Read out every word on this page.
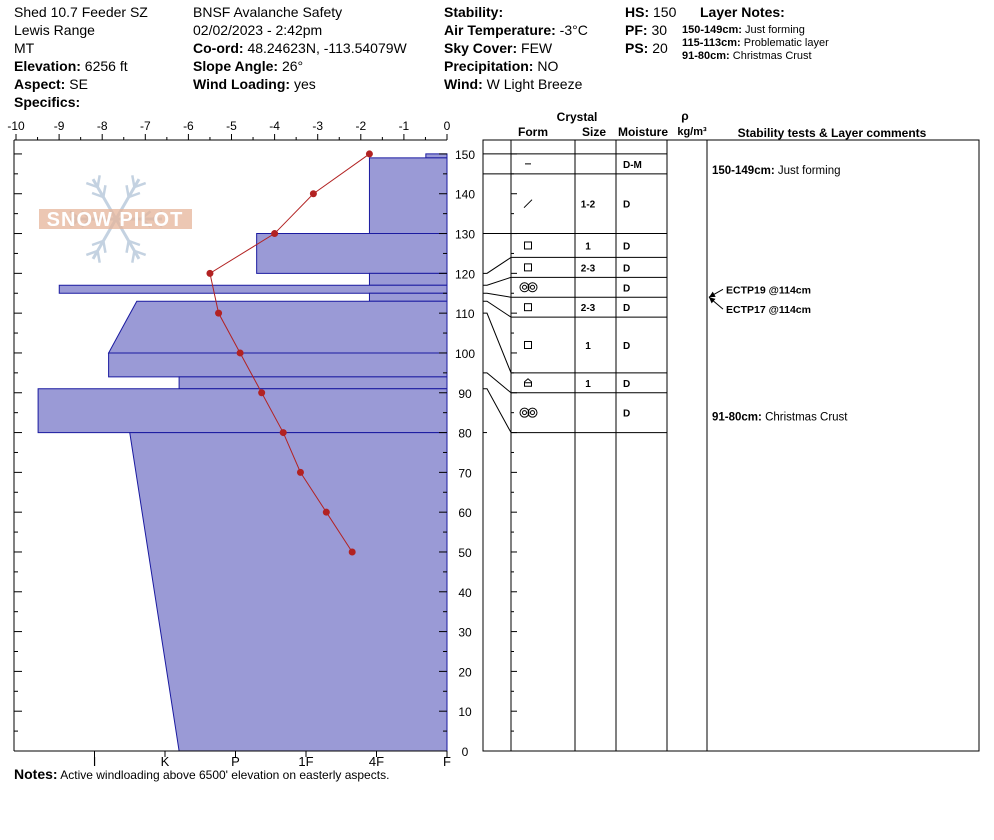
Shed 10.7 Feeder SZ
Lewis Range
MT
Elevation: 6256 ft
Aspect: SE
Specifics:
BNSF Avalanche Safety
02/02/2023 - 2:42pm
Co-ord: 48.24623N, -113.54079W
Slope Angle: 26°
Wind Loading: yes
Stability:
Air Temperature: -3°C
Sky Cover: FEW
Precipitation: NO
Wind: W Light Breeze
HS: 150
PF: 30
PS: 20
Layer Notes:
150-149cm: Just forming
115-113cm: Problematic layer
91-80cm: Christmas Crust
SNOW PILOT
-10 -9	-8	-7	-6	-5	-4	-3	-2	-1	0
I	K	P	1F	4F	F
0
10
20
30
40
50
60
70
80
90
100
110
120
130
140
150
Crystal
Form	Size Moisture
ρ
kg/m³	Stability tests & Layer comments
D-M
1-2	D
1	D
2-3	D
D
2-3	D
1	D
1	D
D
150-149cm: Just forming
91-80cm: Christmas Crust
ECTP19 @114cm
ECTP17 @114cm
Notes: Active windloading above 6500' elevation on easterly aspects.
